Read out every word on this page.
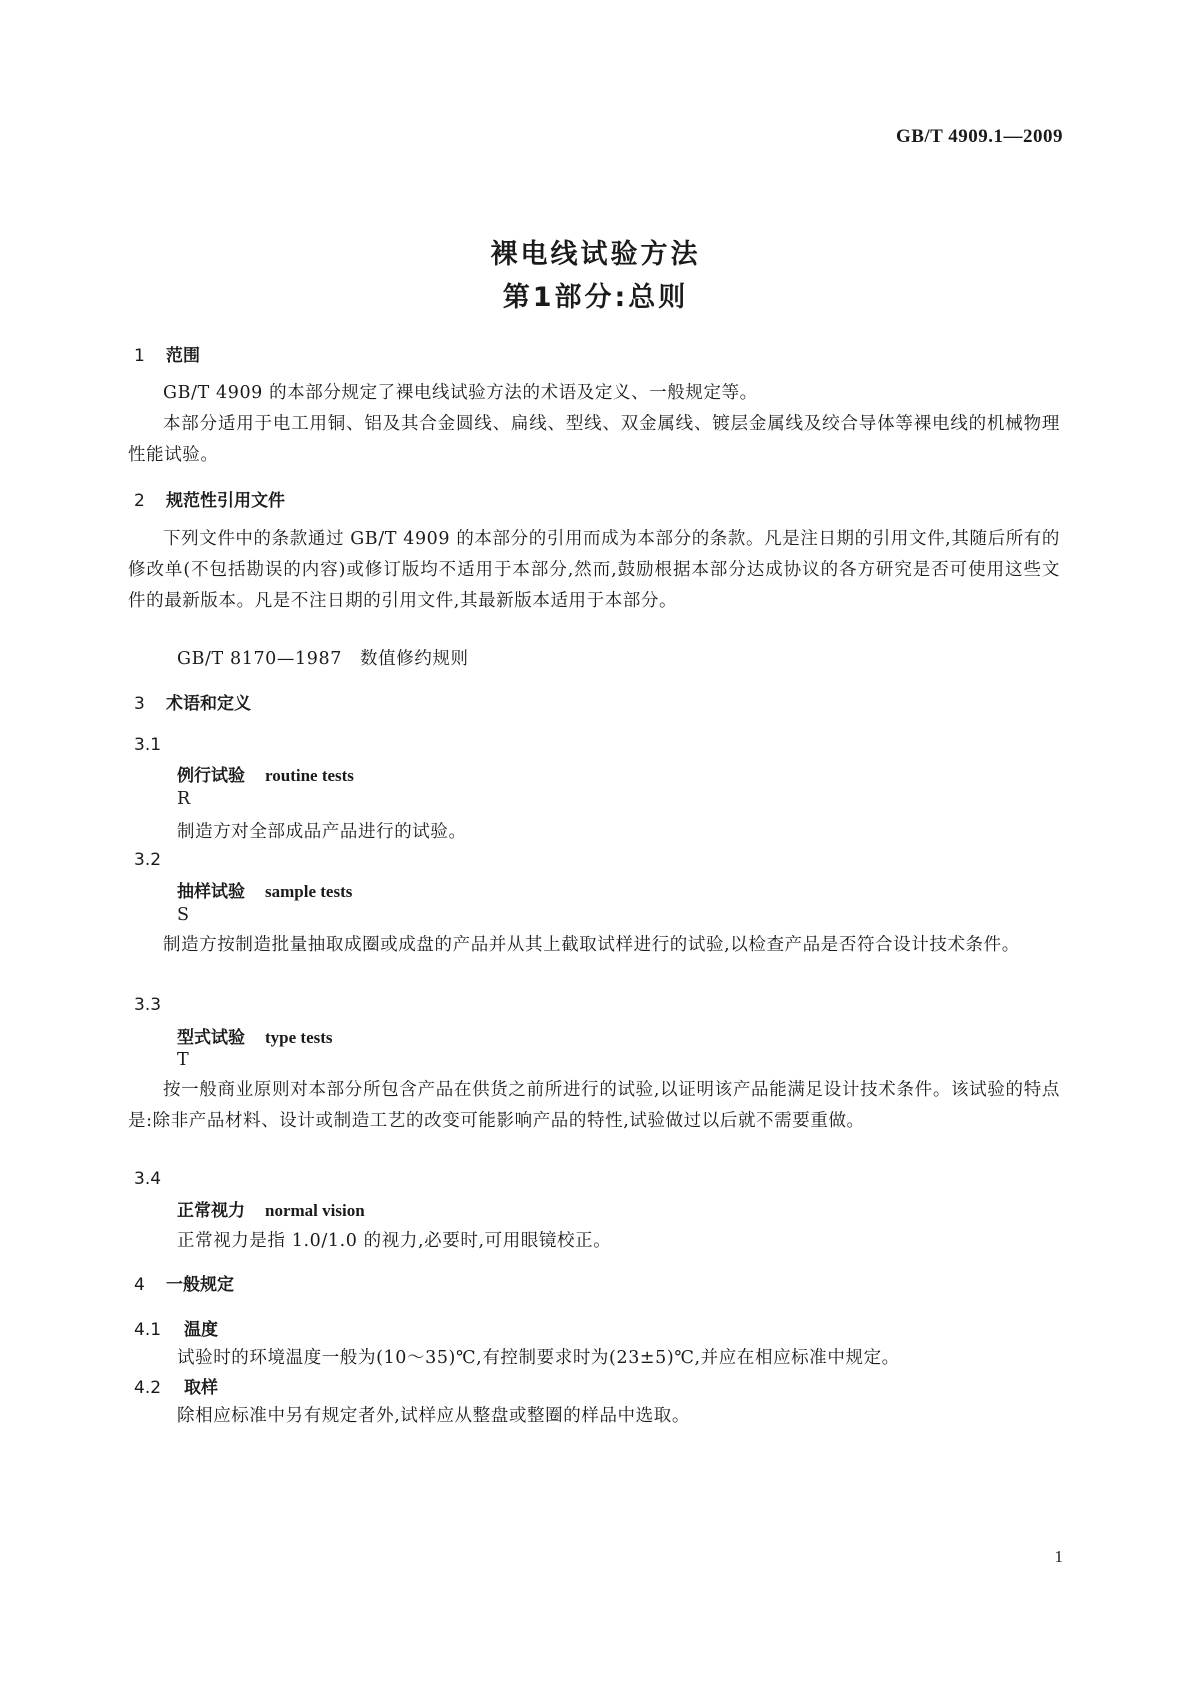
GB/T 4909.1—2009
裸电线试验方法
第1部分:总则
1 范围
GB/T 4909 的本部分规定了裸电线试验方法的术语及定义、一般规定等。
本部分适用于电工用铜、铝及其合金圆线、扁线、型线、双金属线、镀层金属线及绞合导体等裸电线的机械物理性能试验。
2 规范性引用文件
下列文件中的条款通过 GB/T 4909 的本部分的引用而成为本部分的条款。凡是注日期的引用文件,其随后所有的修改单(不包括勘误的内容)或修订版均不适用于本部分,然而,鼓励根据本部分达成协议的各方研究是否可使用这些文件的最新版本。凡是不注日期的引用文件,其最新版本适用于本部分。
GB/T 8170—1987　数值修约规则
3 术语和定义
3.1
例行试验 routine tests
R
制造方对全部成品产品进行的试验。
3.2
抽样试验 sample tests
S
制造方按制造批量抽取成圈或成盘的产品并从其上截取试样进行的试验,以检查产品是否符合设计技术条件。
3.3
型式试验 type tests
T
按一般商业原则对本部分所包含产品在供货之前所进行的试验,以证明该产品能满足设计技术条件。该试验的特点是:除非产品材料、设计或制造工艺的改变可能影响产品的特性,试验做过以后就不需要重做。
3.4
正常视力 normal vision
正常视力是指 1.0/1.0 的视力,必要时,可用眼镜校正。
4 一般规定
4.1 温度
试验时的环境温度一般为(10～35)℃,有控制要求时为(23±5)℃,并应在相应标准中规定。
4.2 取样
除相应标准中另有规定者外,试样应从整盘或整圈的样品中选取。
1
